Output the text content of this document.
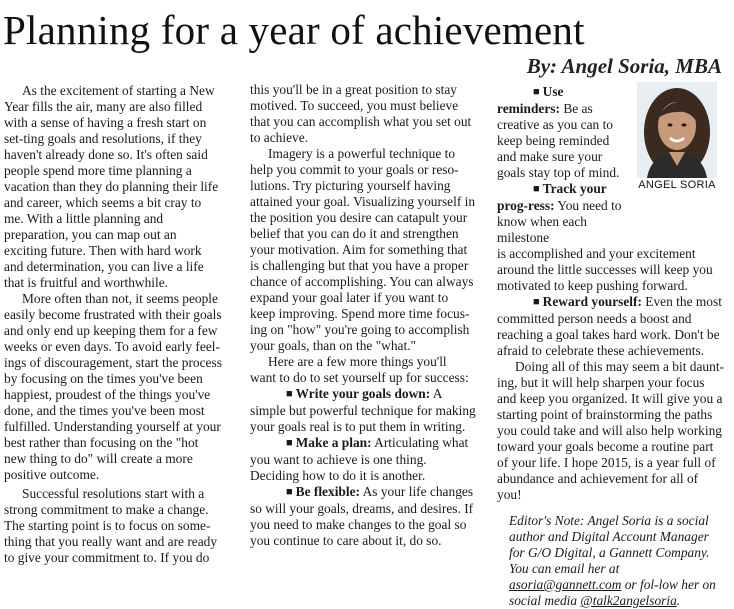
Planning for a year of achievement
By: Angel Soria, MBA

As the excitement of starting a New Year fills the air, many are also filled with a sense of having a fresh start on set-ting goals and resolutions, if they haven't already done so. It's often said people spend more time planning a vacation than they do planning their life and career, which seems a bit cray to me. With a little planning and preparation, you can map out an exciting future. Then with hard work and determination, you can live a life that is fruitful and worthwhile.

More often than not, it seems people easily become frustrated with their goals and only end up keeping them for a few weeks or even days. To avoid early feel-ings of discouragement, start the process by focusing on the times you've been happiest, proudest of the things you've done, and the times you've been most fulfilled. Understanding yourself at your best rather than focusing on the "hot new thing to do" will create a more positive outcome.

Successful resolutions start with a strong commitment to make a change. The starting point is to focus on some-thing that you really want and are ready to give your commitment to. If you do

this you'll be in a great position to stay motived. To succeed, you must believe that you can accomplish what you set out to achieve.

Imagery is a powerful technique to help you commit to your goals or reso-lutions. Try picturing yourself having attained your goal. Visualizing yourself in the position you desire can catapult your belief that you can do it and strengthen your motivation. Aim for something that is challenging but that you have a proper chance of accomplishing. You can always expand your goal later if you want to keep improving. Spend more time focus-ing on "how" you're going to accomplish your goals, than on the "what."

Here are a few more things you'll want to do to set yourself up for success:

■ Write your goals down: A simple but powerful technique for making your goals real is to put them in writing.

■ Make a plan: Articulating what you want to achieve is one thing. Deciding how to do it is another.

■ Be flexible: As your life changes so will your goals, dreams, and desires. If you need to make changes to the goal so you continue to care about it, do so.

ANGEL SORIA

■ Use reminders: Be as creative as you can to keep being reminded and make sure your goals stay top of mind.

■ Track your prog-ress: You need to know when each milestone

is accomplished and your excitement around the little successes will keep you motivated to keep pushing forward.

■ Reward yourself: Even the most committed person needs a boost and reaching a goal takes hard work. Don't be afraid to celebrate these achievements.

Doing all of this may seem a bit daunt-ing, but it will help sharpen your focus and keep you organized. It will give you a starting point of brainstorming the paths you could take and will also help working toward your goals become a routine part of your life. I hope 2015, is a year full of abundance and achievement for all of you!

Editor's Note: Angel Soria is a social author and Digital Account Manager for G/O Digital, a Gannett Company. You can email her at asoria@gannett.com or fol-low her on social media @talk2angelsoria.
